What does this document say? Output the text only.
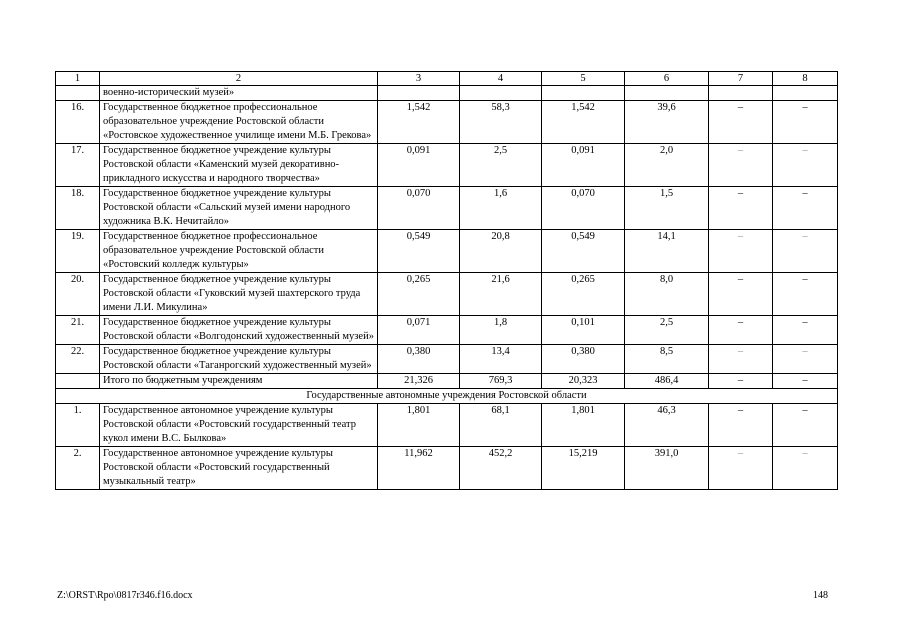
1	2	3	4	5	6	7	8
	военно-исторический музей»						
16.	Государственное бюджетное профессиональное образовательное учреждение Ростовской области «Ростовское художественное училище имени М.Б. Грекова»	1,542	58,3	1,542	39,6	–	–
17.	Государственное бюджетное учреждение культуры Ростовской области «Каменский музей декоративно-прикладного искусства и народного творчества»	0,091	2,5	0,091	2,0	–	–
18.	Государственное бюджетное учреждение культуры Ростовской области «Сальский музей имени народного художника В.К. Нечитайло»	0,070	1,6	0,070	1,5	–	–
19.	Государственное бюджетное профессиональное образовательное учреждение Ростовской области «Ростовский колледж культуры»	0,549	20,8	0,549	14,1	–	–
20.	Государственное бюджетное учреждение культуры Ростовской области «Гуковский музей шахтерского труда имени Л.И. Микулина»	0,265	21,6	0,265	8,0	–	–
21.	Государственное бюджетное учреждение культуры Ростовской области «Волгодонский художественный музей»	0,071	1,8	0,101	2,5	–	–
22.	Государственное бюджетное учреждение культуры Ростовской области «Таганрогский художественный музей»	0,380	13,4	0,380	8,5	–	–
	Итого по бюджетным учреждениям	21,326	769,3	20,323	486,4	–	–
Государственные автономные учреждения Ростовской области							
1.	Государственное автономное учреждение культуры Ростовской области «Ростовский государственный театр кукол имени В.С. Былкова»	1,801	68,1	1,801	46,3	–	–
2.	Государственное автономное учреждение культуры Ростовской области «Ростовский государственный музыкальный театр»	11,962	452,2	15,219	391,0	–	–
Z:\ORST\Rpo\0817r346.f16.docx	148
